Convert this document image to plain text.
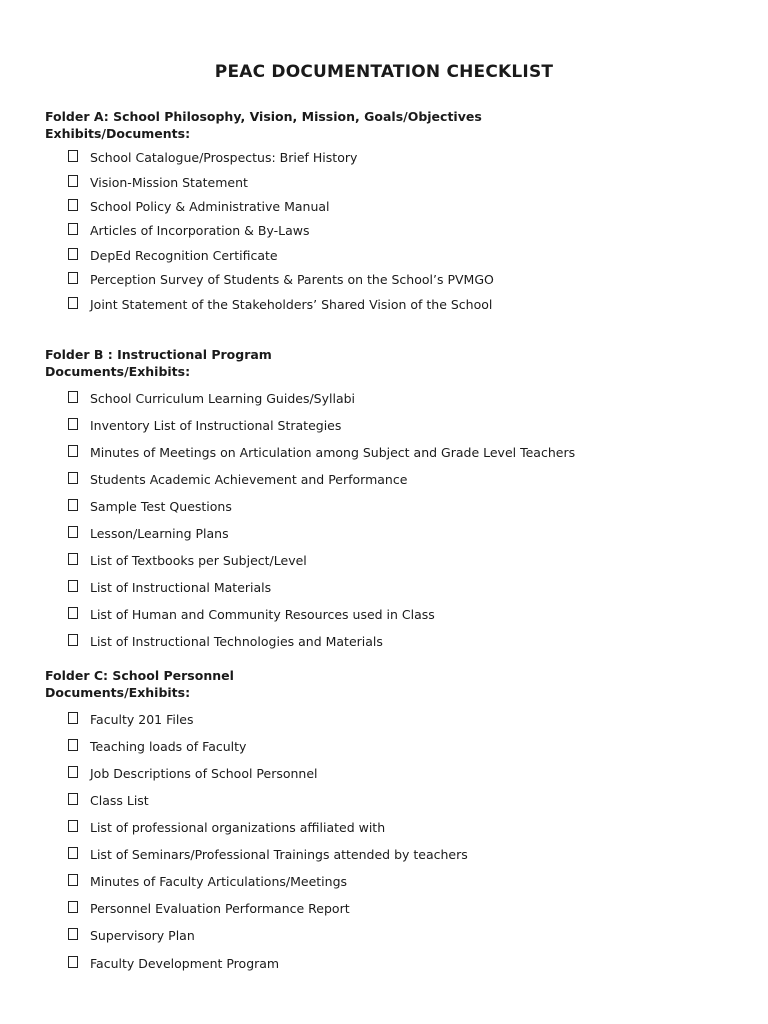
PEAC DOCUMENTATION CHECKLIST
Folder A: School Philosophy, Vision, Mission, Goals/Objectives
Exhibits/Documents:
School Catalogue/Prospectus: Brief History
Vision-Mission Statement
School Policy & Administrative Manual
Articles of Incorporation & By-Laws
DepEd Recognition Certificate
Perception Survey of Students & Parents on the School’s PVMGO
Joint Statement of the Stakeholders’ Shared Vision of the School
Folder B : Instructional Program
Documents/Exhibits:
School Curriculum Learning Guides/Syllabi
Inventory List of Instructional Strategies
Minutes of Meetings on Articulation among Subject and Grade Level Teachers
Students Academic Achievement and Performance
Sample Test Questions
Lesson/Learning Plans
List of Textbooks per Subject/Level
List of Instructional Materials
List of Human and Community Resources used in Class
List of Instructional Technologies and Materials
Folder C: School Personnel
Documents/Exhibits:
Faculty 201 Files
Teaching loads of Faculty
Job Descriptions of School Personnel
Class List
List of professional organizations affiliated with
List of Seminars/Professional Trainings attended by teachers
Minutes of Faculty Articulations/Meetings
Personnel Evaluation Performance Report
Supervisory Plan
Faculty Development Program
